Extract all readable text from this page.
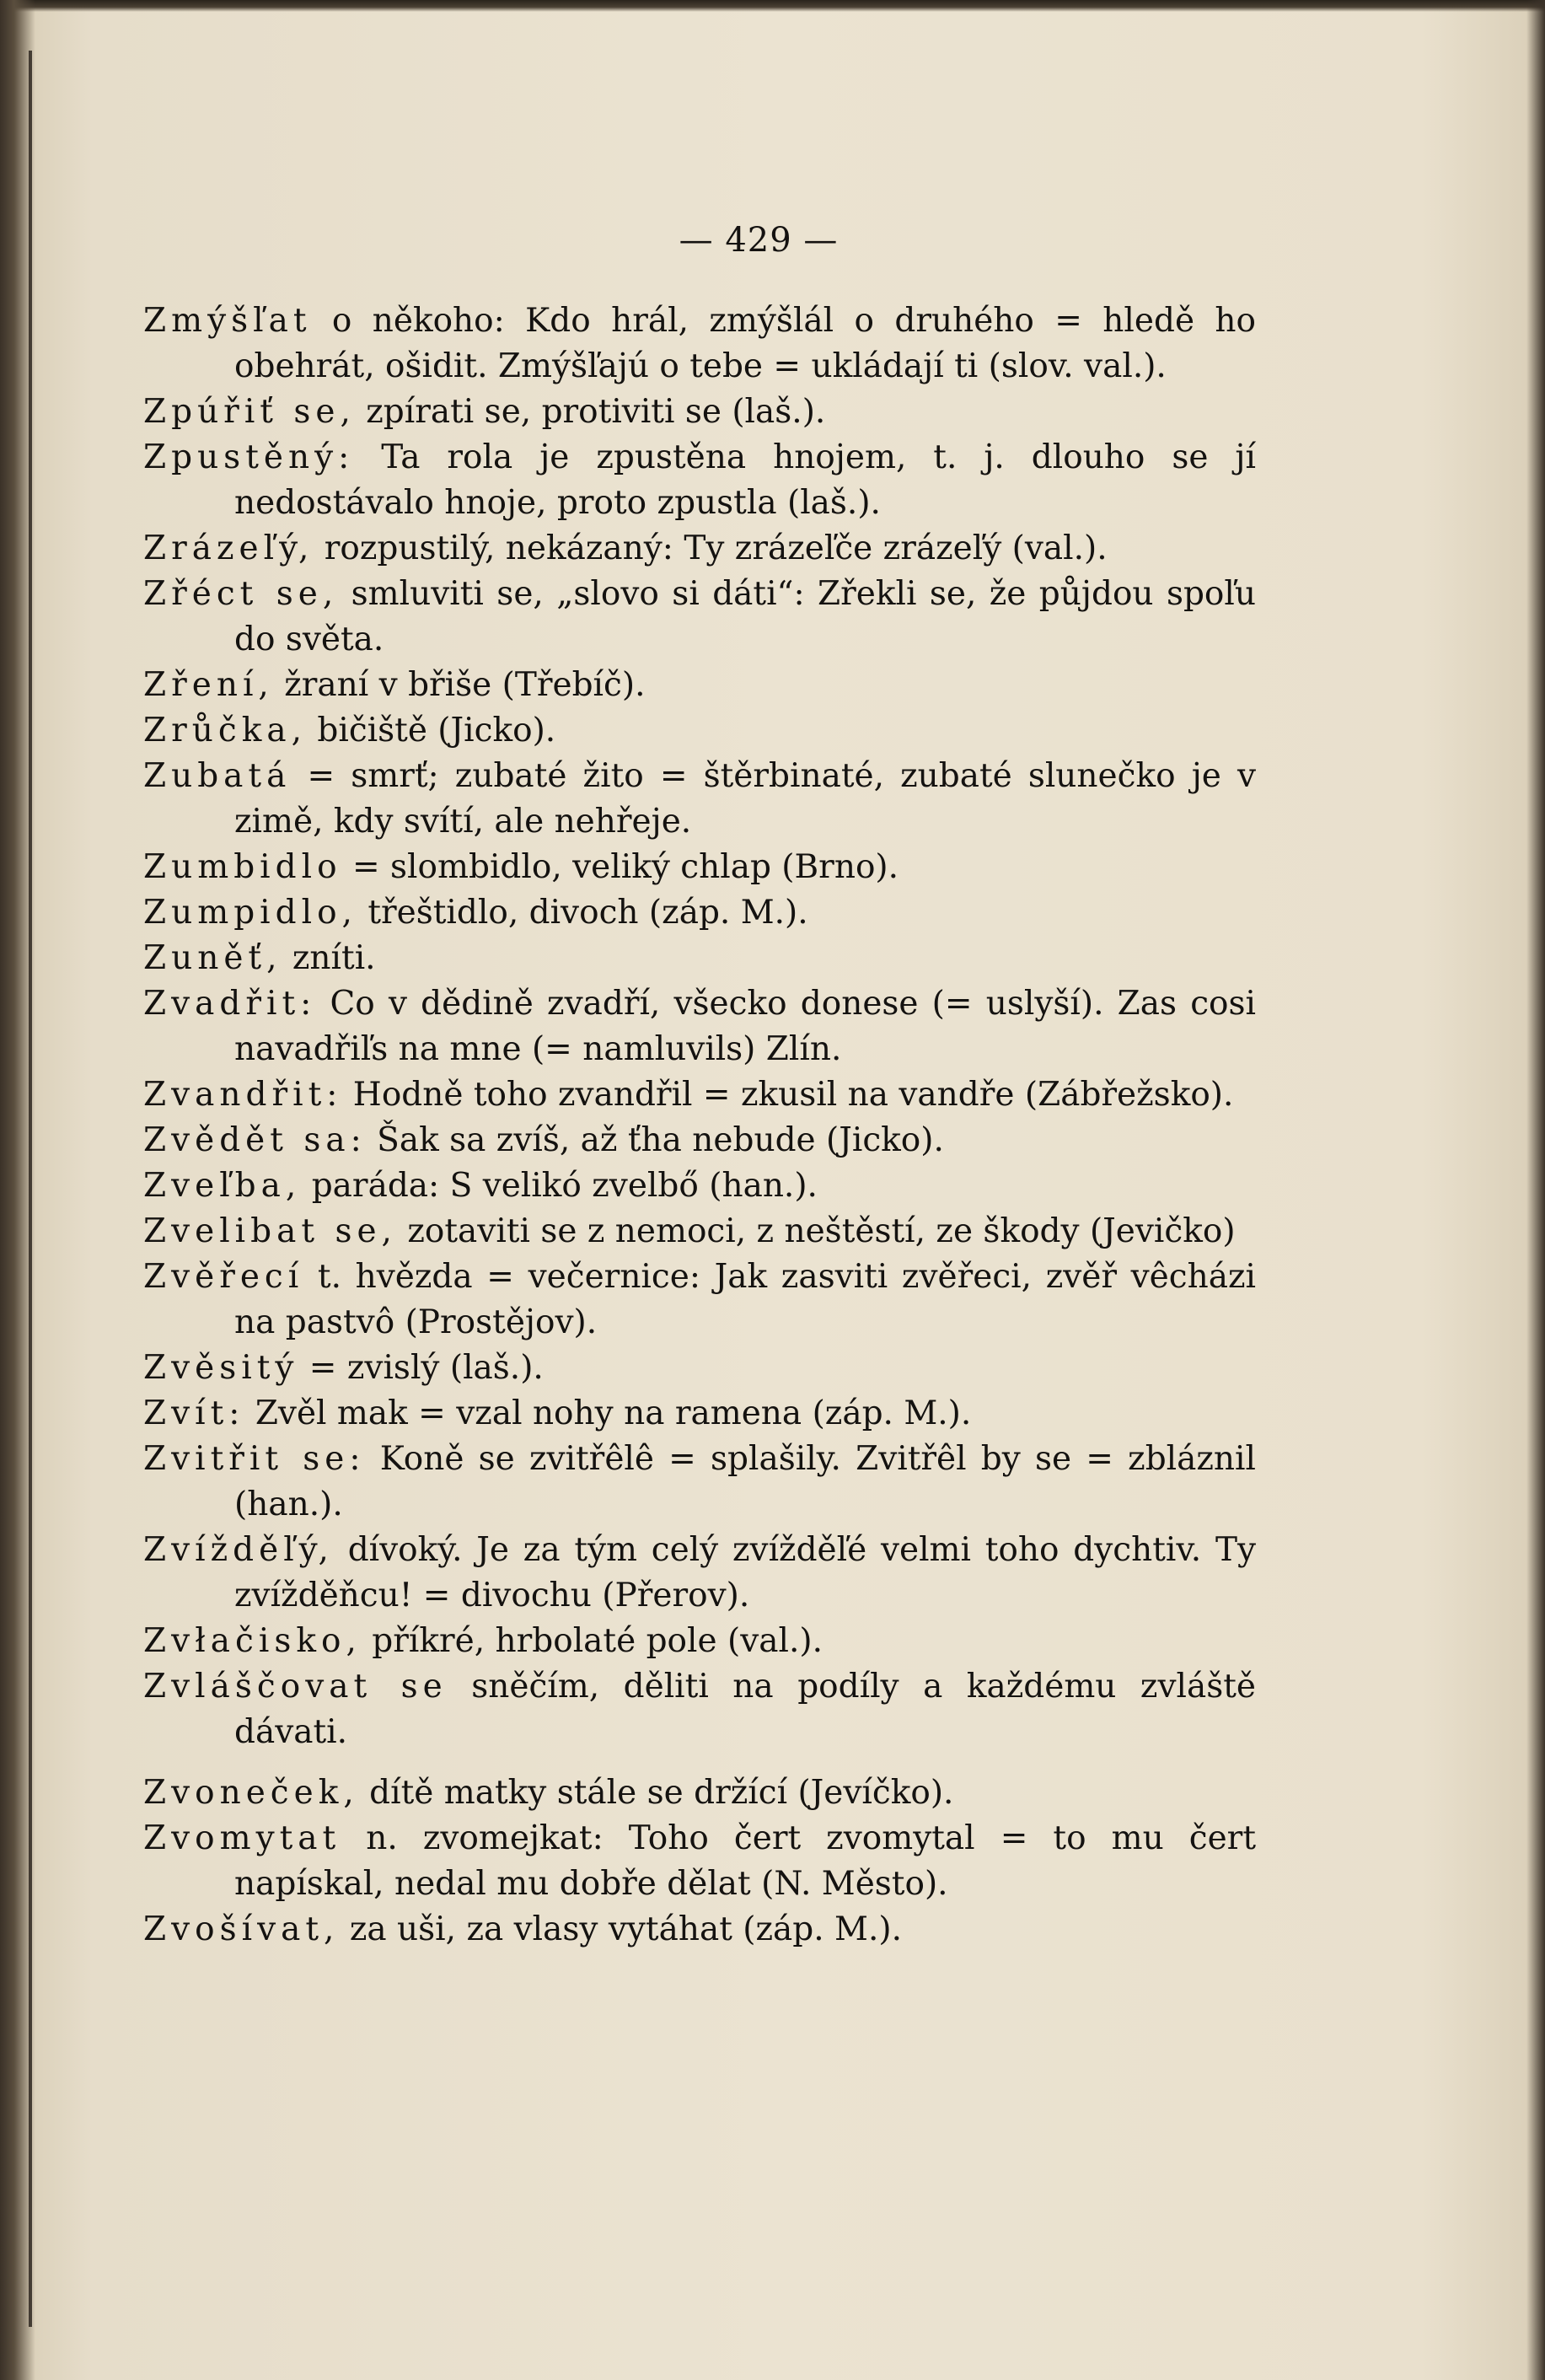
— 429 —

Zmýšľat o někoho: Kdo hrál, zmýšlál o druhého = hledě ho obehrát, ošidit. Zmýšľajú o tebe = ukládají ti (slov. val.).

Zpúřiť se, zpírati se, protiviti se (laš.).

Zpustěný: Ta rola je zpustěna hnojem, t. j. dlouho se jí nedostávalo hnoje, proto zpustla (laš.).

Zrázeľý, rozpustilý, nekázaný: Ty zrázeľče zrázeľý (val.).

Zřéct se, smluviti se, „slovo si dáti“: Zřekli se, že půjdou spoľu do světa.

Zření, žraní v břiše (Třebíč).

Zrůčka, bičiště (Jicko).

Zubatá = smrť; zubaté žito = štěrbinaté, zubaté slunečko je v zimě, kdy svítí, ale nehřeje.

Zumbidlo = slombidlo, veliký chlap (Brno).

Zumpidlo, třeštidlo, divoch (záp. M.).

Zuněť, zníti.

Zvadřit: Co v dědině zvadří, všecko donese (= uslyší). Zas cosi navadřiľs na mne (= namluvils) Zlín.

Zvandřit: Hodně toho zvandřil = zkusil na vandře (Zábřežsko).

Zvědět sa: Šak sa zvíš, až ťha nebude (Jicko).

Zveľba, paráda: S velikó zvelbő (han.).

Zvelibat se, zotaviti se z nemoci, z neštěstí, ze škody (Jevičko)

Zvěřecí t. hvězda = večernice: Jak zasviti zvěřeci, zvěř vêcházi na pastvô (Prostějov).

Zvěsitý = zvislý (laš.).

Zvít: Zvěl mak = vzal nohy na ramena (záp. M.).

Zvitřit se: Koně se zvitřêlê = splašily. Zvitřêl by se = zbláznil (han.).

Zvížděľý, dívoký. Je za tým celý zvížděľé velmi toho dychtiv. Ty zvížděňcu! = divochu (Přerov).

Zvłačisko, příkré, hrbolaté pole (val.).

Zvláščovat se sněčím, děliti na podíly a každému zvláště dávati.

Zvoneček, dítě matky stále se držící (Jevíčko).

Zvomytat n. zvomejkat: Toho čert zvomytal = to mu čert napískal, nedal mu dobře dělat (N. Město).

Zvošívat, za uši, za vlasy vytáhat (záp. M.).
